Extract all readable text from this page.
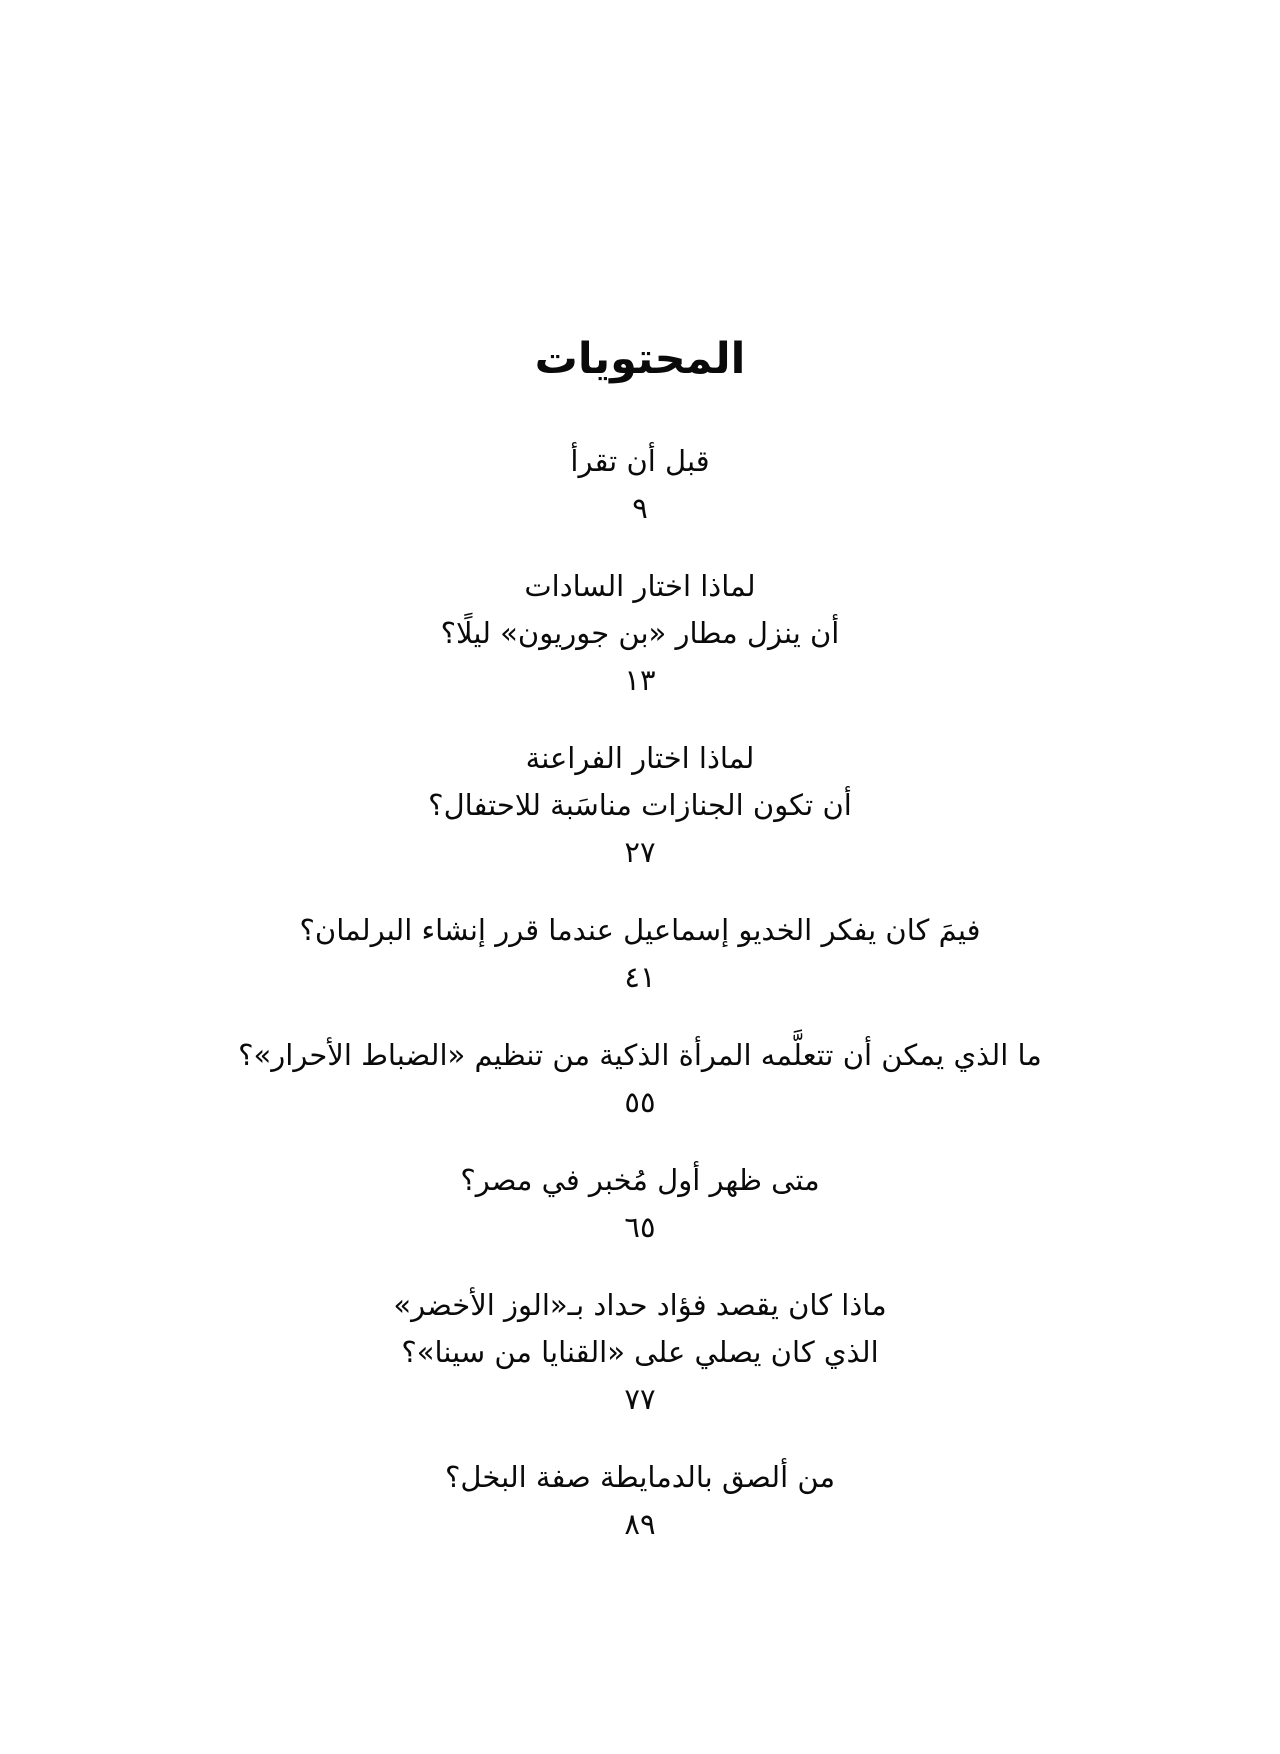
المحتويات
قبل أن تقرأ
٩
لماذا اختار السادات
أن ينزل مطار «بن جوريون» ليلًا؟
١٣
لماذا اختار الفراعنة
أن تكون الجنازات مناسَبة للاحتفال؟
٢٧
فيمَ كان يفكر الخديو إسماعيل عندما قرر إنشاء البرلمان؟
٤١
ما الذي يمكن أن تتعلَّمه المرأة الذكية من تنظيم «الضباط الأحرار»؟
٥٥
متى ظهر أول مُخبر في مصر؟
٦٥
ماذا كان يقصد فؤاد حداد بـ«الوز الأخضر»
الذي كان يصلي على «القنايا من سينا»؟
٧٧
من ألصق بالدمايطة صفة البخل؟
٨٩
